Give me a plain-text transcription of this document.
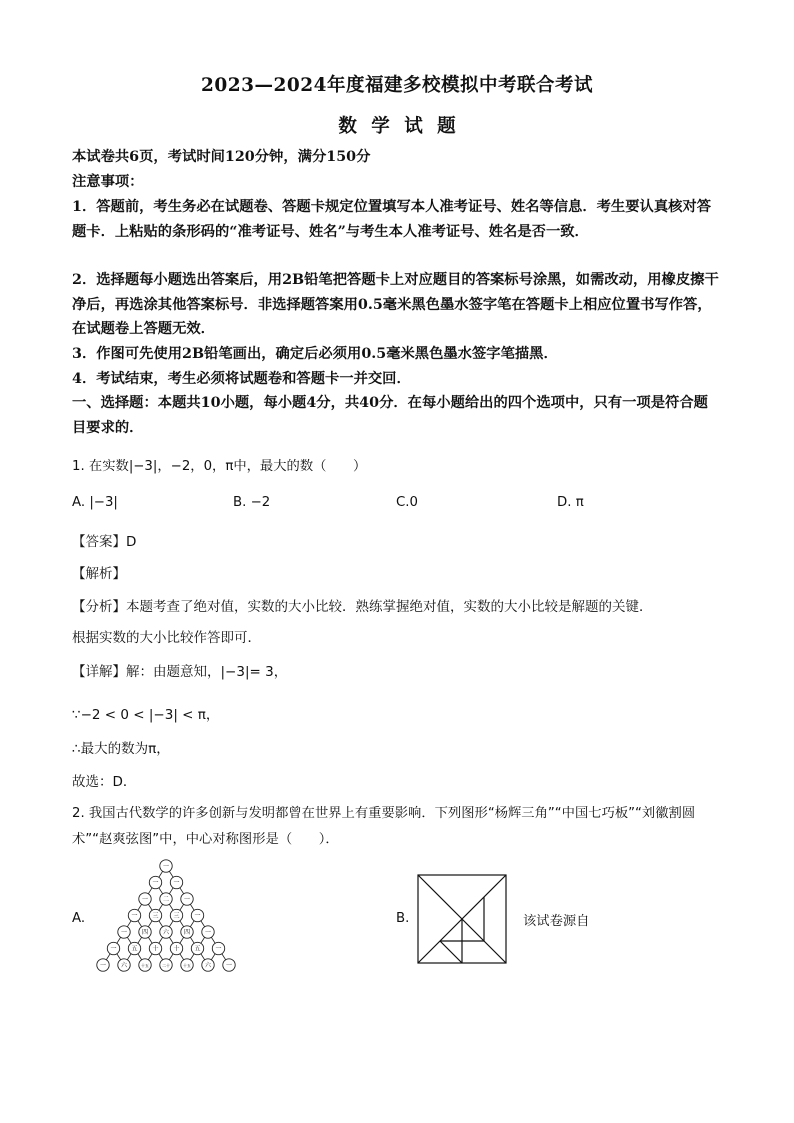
2023—2024年度福建多校模拟中考联合考试
数 学 试 题
本试卷共6页，考试时间120分钟，满分150分
注意事项：
1．答题前，考生务必在试题卷、答题卡规定位置填写本人准考证号、姓名等信息．考生要认真核对答题卡．上粘贴的条形码的“准考证号、姓名”与考生本人准考证号、姓名是否一致．
2．选择题每小题选出答案后，用2B铅笔把答题卡上对应题目的答案标号涂黑，如需改动，用橡皮擦干净后，再选涂其他答案标号．非选择题答案用0.5毫米黑色墨水签字笔在答题卡上相应位置书写作答，在试题卷上答题无效．
3．作图可先使用2B铅笔画出，确定后必须用0.5毫米黑色墨水签字笔描黑．
4．考试结束，考生必须将试题卷和答题卡一并交回．
一、选择题：本题共10小题，每小题4分，共40分．在每小题给出的四个选项中，只有一项是符合题目要求的．
1. 在实数|−3|，−2，0，π中，最大的数（　　）
A. |−3|	B. −2	C.0	D. π
【答案】D
【解析】
【分析】本题考查了绝对值，实数的大小比较．熟练掌握绝对值，实数的大小比较是解题的关键．
根据实数的大小比较作答即可．
【详解】解：由题意知，|−3|= 3，
∵−2 < 0 < |−3| < π，
∴最大的数为π，
故选：D．
2. 我国古代数学的许多创新与发明都曾在世界上有重要影响．下列图形“杨辉三角”“中国七巧板”“刘徽割圆术”“赵爽弦图”中，中心对称图形是（　　）．
A.
一
一 一
一 二 一
一 三 三 一
一 四 六 四 一
一 五 十 十 五 一
一 六	十五	二十	十五 六 一
B.	该试卷源自
